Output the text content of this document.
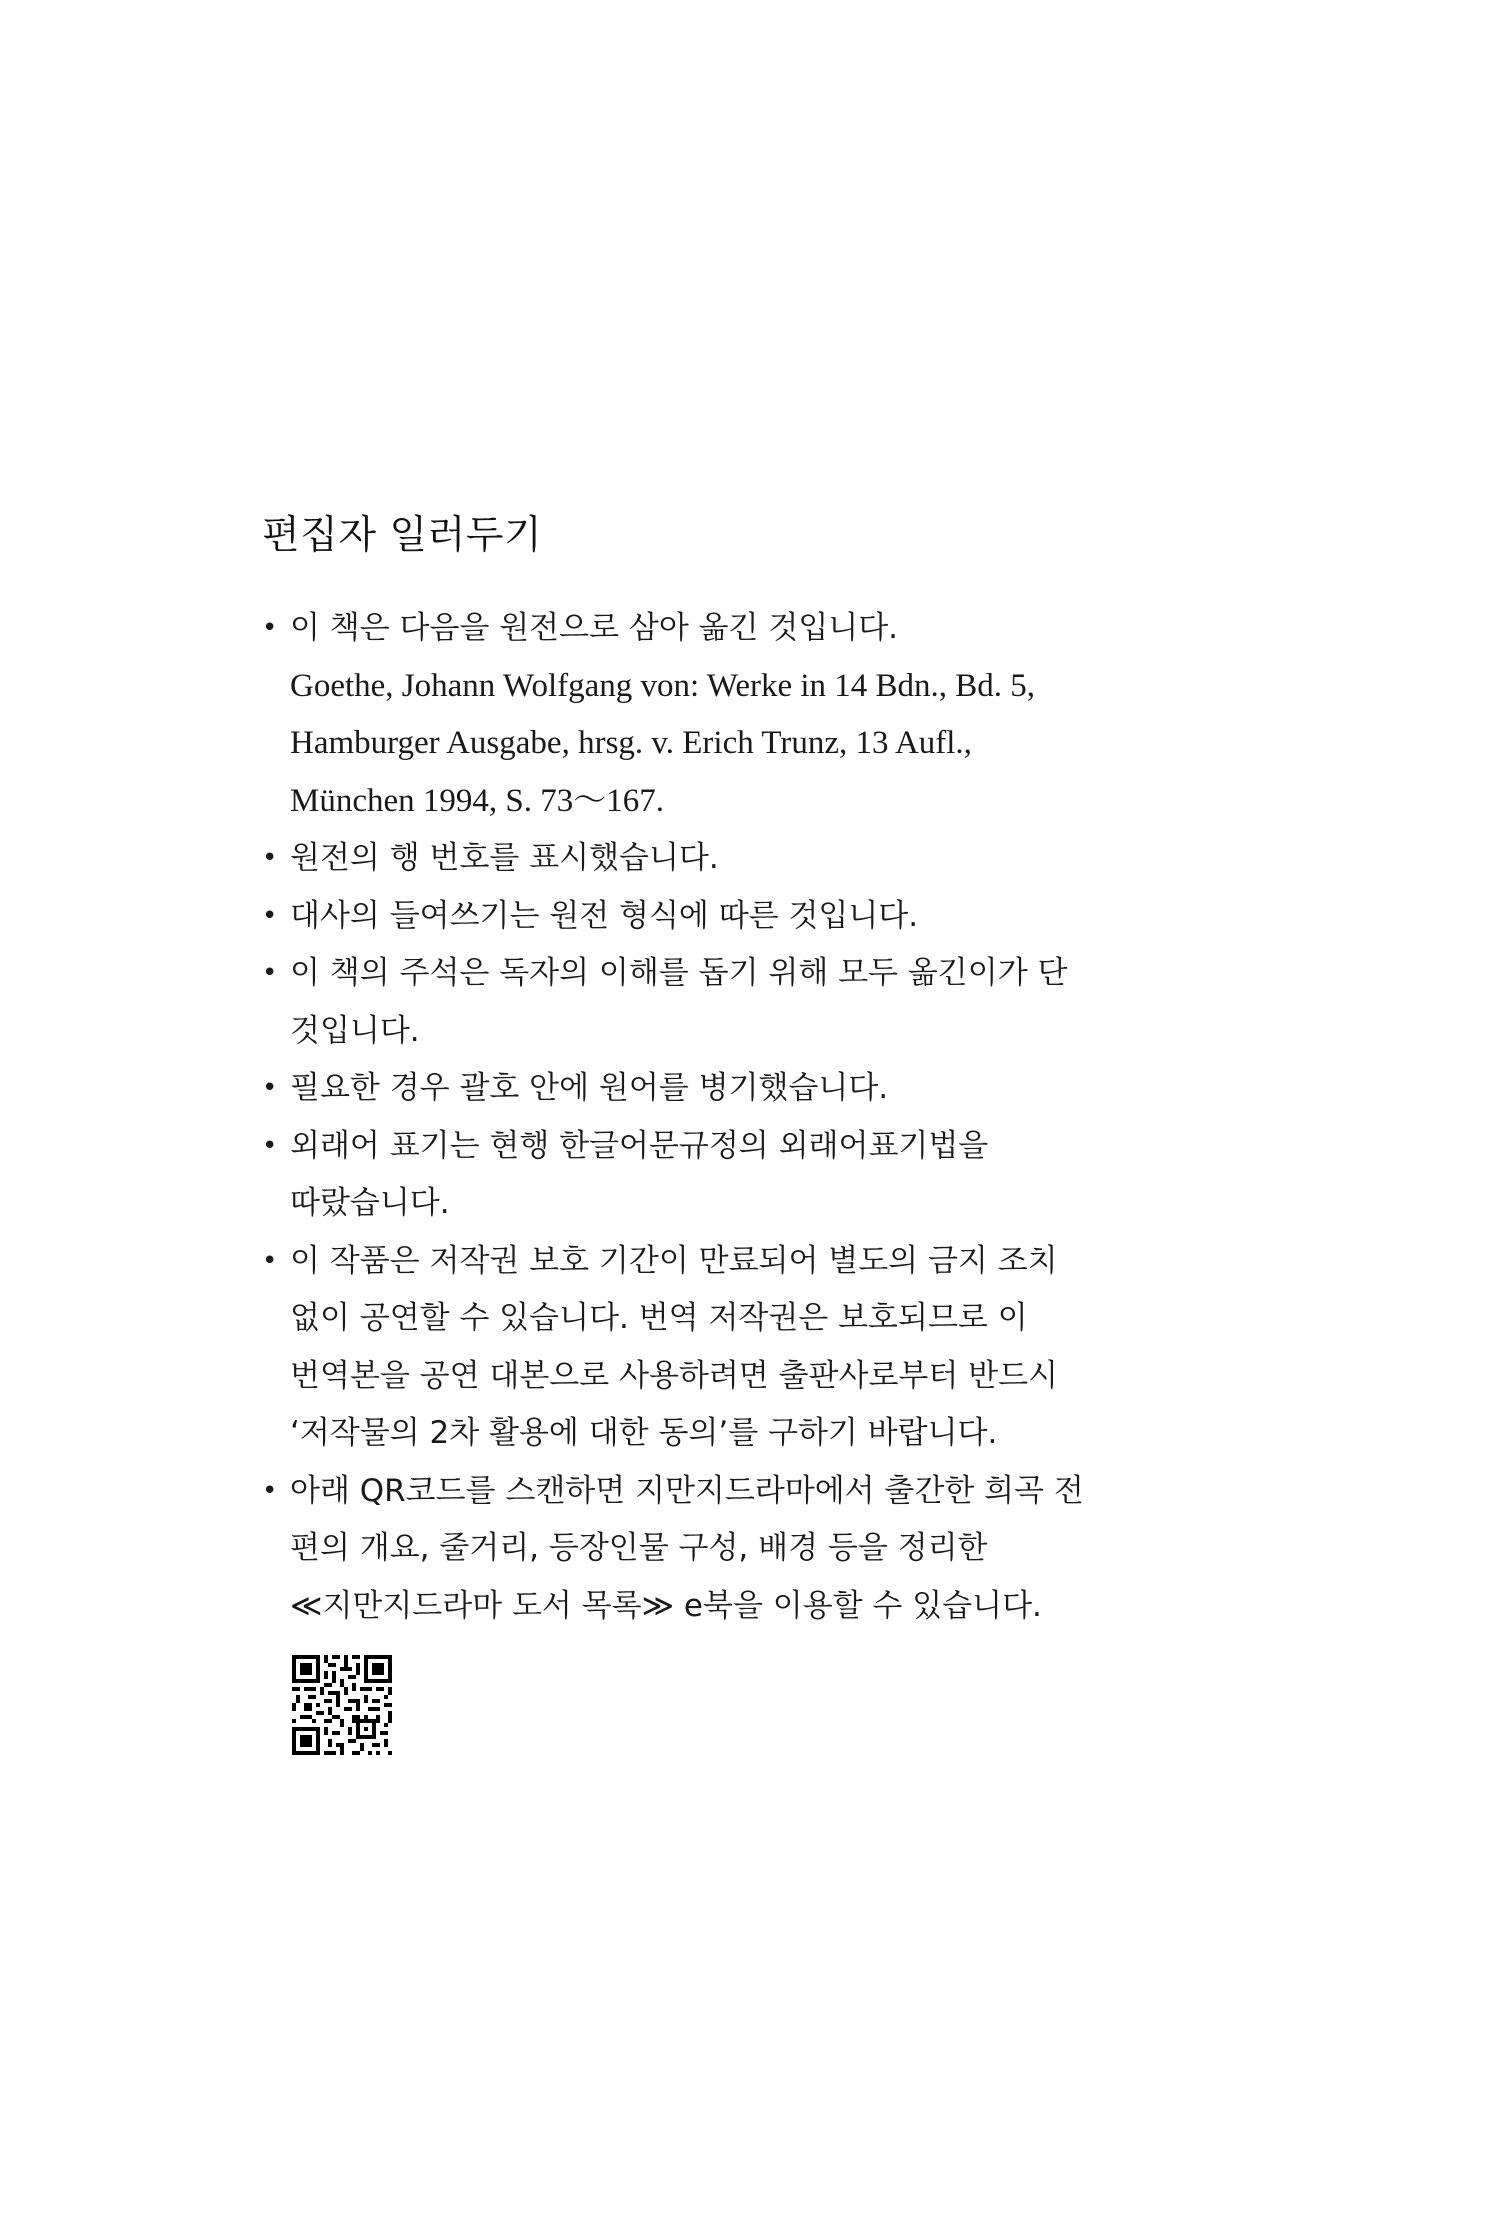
편집자 일러두기
• 이 책은 다음을 원전으로 삼아 옮긴 것입니다.
Goethe, Johann Wolfgang von: Werke in 14 Bdn., Bd. 5,
Hamburger Ausgabe, hrsg. v. Erich Trunz, 13 Aufl.,
München 1994, S. 73～167.
• 원전의 행 번호를 표시했습니다.
• 대사의 들여쓰기는 원전 형식에 따른 것입니다.
• 이 책의 주석은 독자의 이해를 돕기 위해 모두 옮긴이가 단
것입니다.
• 필요한 경우 괄호 안에 원어를 병기했습니다.
• 외래어 표기는 현행 한글어문규정의 외래어표기법을
따랐습니다.
• 이 작품은 저작권 보호 기간이 만료되어 별도의 금지 조치
없이 공연할 수 있습니다. 번역 저작권은 보호되므로 이
번역본을 공연 대본으로 사용하려면 출판사로부터 반드시
‘저작물의 2차 활용에 대한 동의’를 구하기 바랍니다.
• 아래 QR코드를 스캔하면 지만지드라마에서 출간한 희곡 전
편의 개요, 줄거리, 등장인물 구성, 배경 등을 정리한
≪지만지드라마 도서 목록≫ e북을 이용할 수 있습니다.
